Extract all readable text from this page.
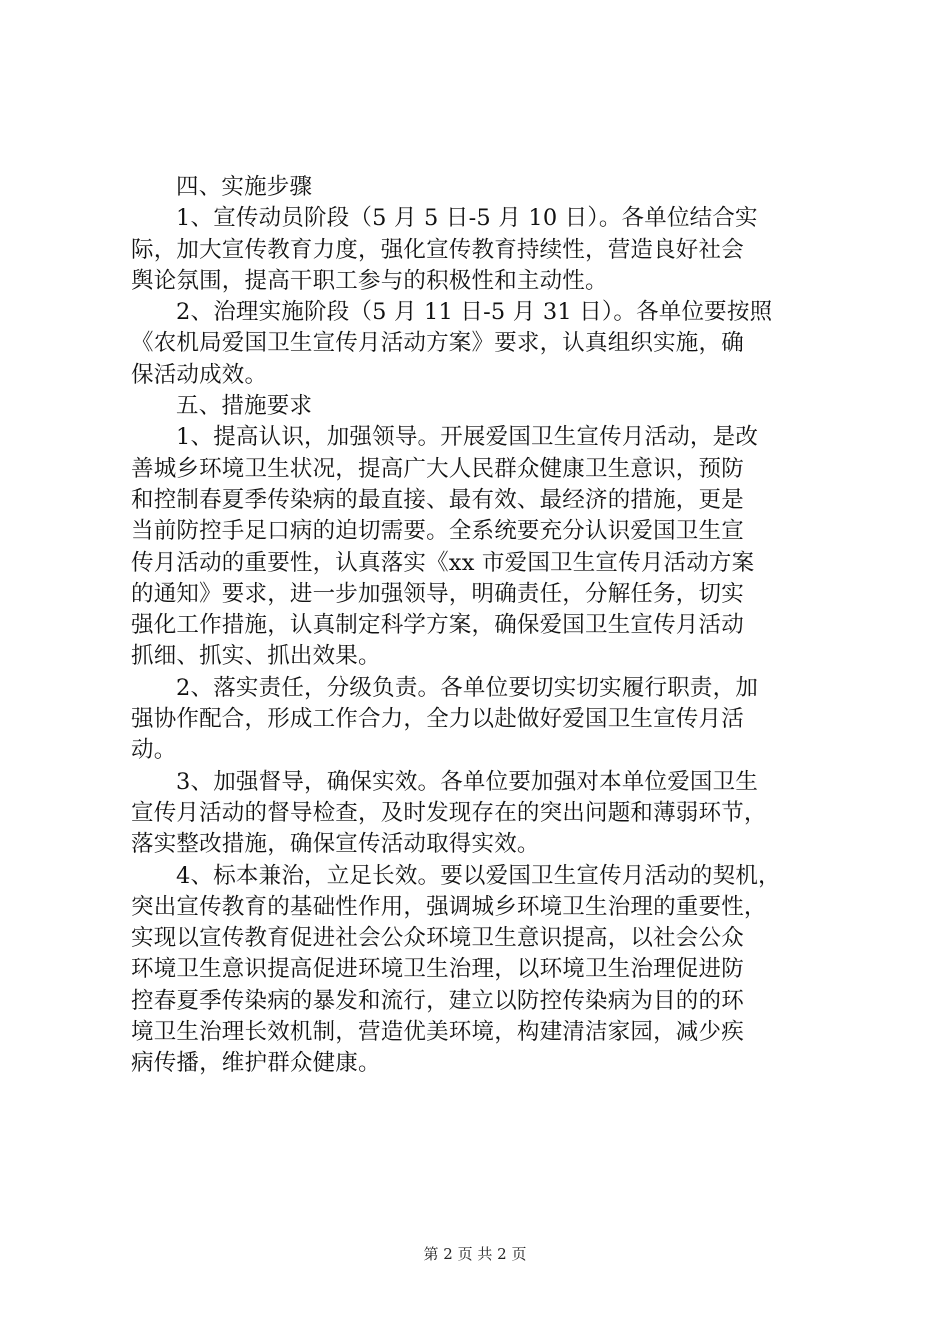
四、实施步骤
1、宣传动员阶段（5 月 5 日-5 月 10 日）。各单位结合实
际，加大宣传教育力度，强化宣传教育持续性，营造良好社会
舆论氛围，提高干职工参与的积极性和主动性。
2、治理实施阶段（5 月 11 日-5 月 31 日）。各单位要按照
《农机局爱国卫生宣传月活动方案》要求，认真组织实施，确
保活动成效。
五、措施要求
1、提高认识，加强领导。开展爱国卫生宣传月活动，是改
善城乡环境卫生状况，提高广大人民群众健康卫生意识，预防
和控制春夏季传染病的最直接、最有效、最经济的措施，更是
当前防控手足口病的迫切需要。全系统要充分认识爱国卫生宣
传月活动的重要性，认真落实《xx 市爱国卫生宣传月活动方案
的通知》要求，进一步加强领导，明确责任，分解任务，切实
强化工作措施，认真制定科学方案，确保爱国卫生宣传月活动
抓细、抓实、抓出效果。
2、落实责任，分级负责。各单位要切实切实履行职责，加
强协作配合，形成工作合力，全力以赴做好爱国卫生宣传月活
动。
3、加强督导，确保实效。各单位要加强对本单位爱国卫生
宣传月活动的督导检查，及时发现存在的突出问题和薄弱环节，
落实整改措施，确保宣传活动取得实效。
4、标本兼治，立足长效。要以爱国卫生宣传月活动的契机，
突出宣传教育的基础性作用，强调城乡环境卫生治理的重要性，
实现以宣传教育促进社会公众环境卫生意识提高，以社会公众
环境卫生意识提高促进环境卫生治理，以环境卫生治理促进防
控春夏季传染病的暴发和流行，建立以防控传染病为目的的环
境卫生治理长效机制，营造优美环境，构建清洁家园，减少疾
病传播，维护群众健康。
第 2 页 共 2 页
